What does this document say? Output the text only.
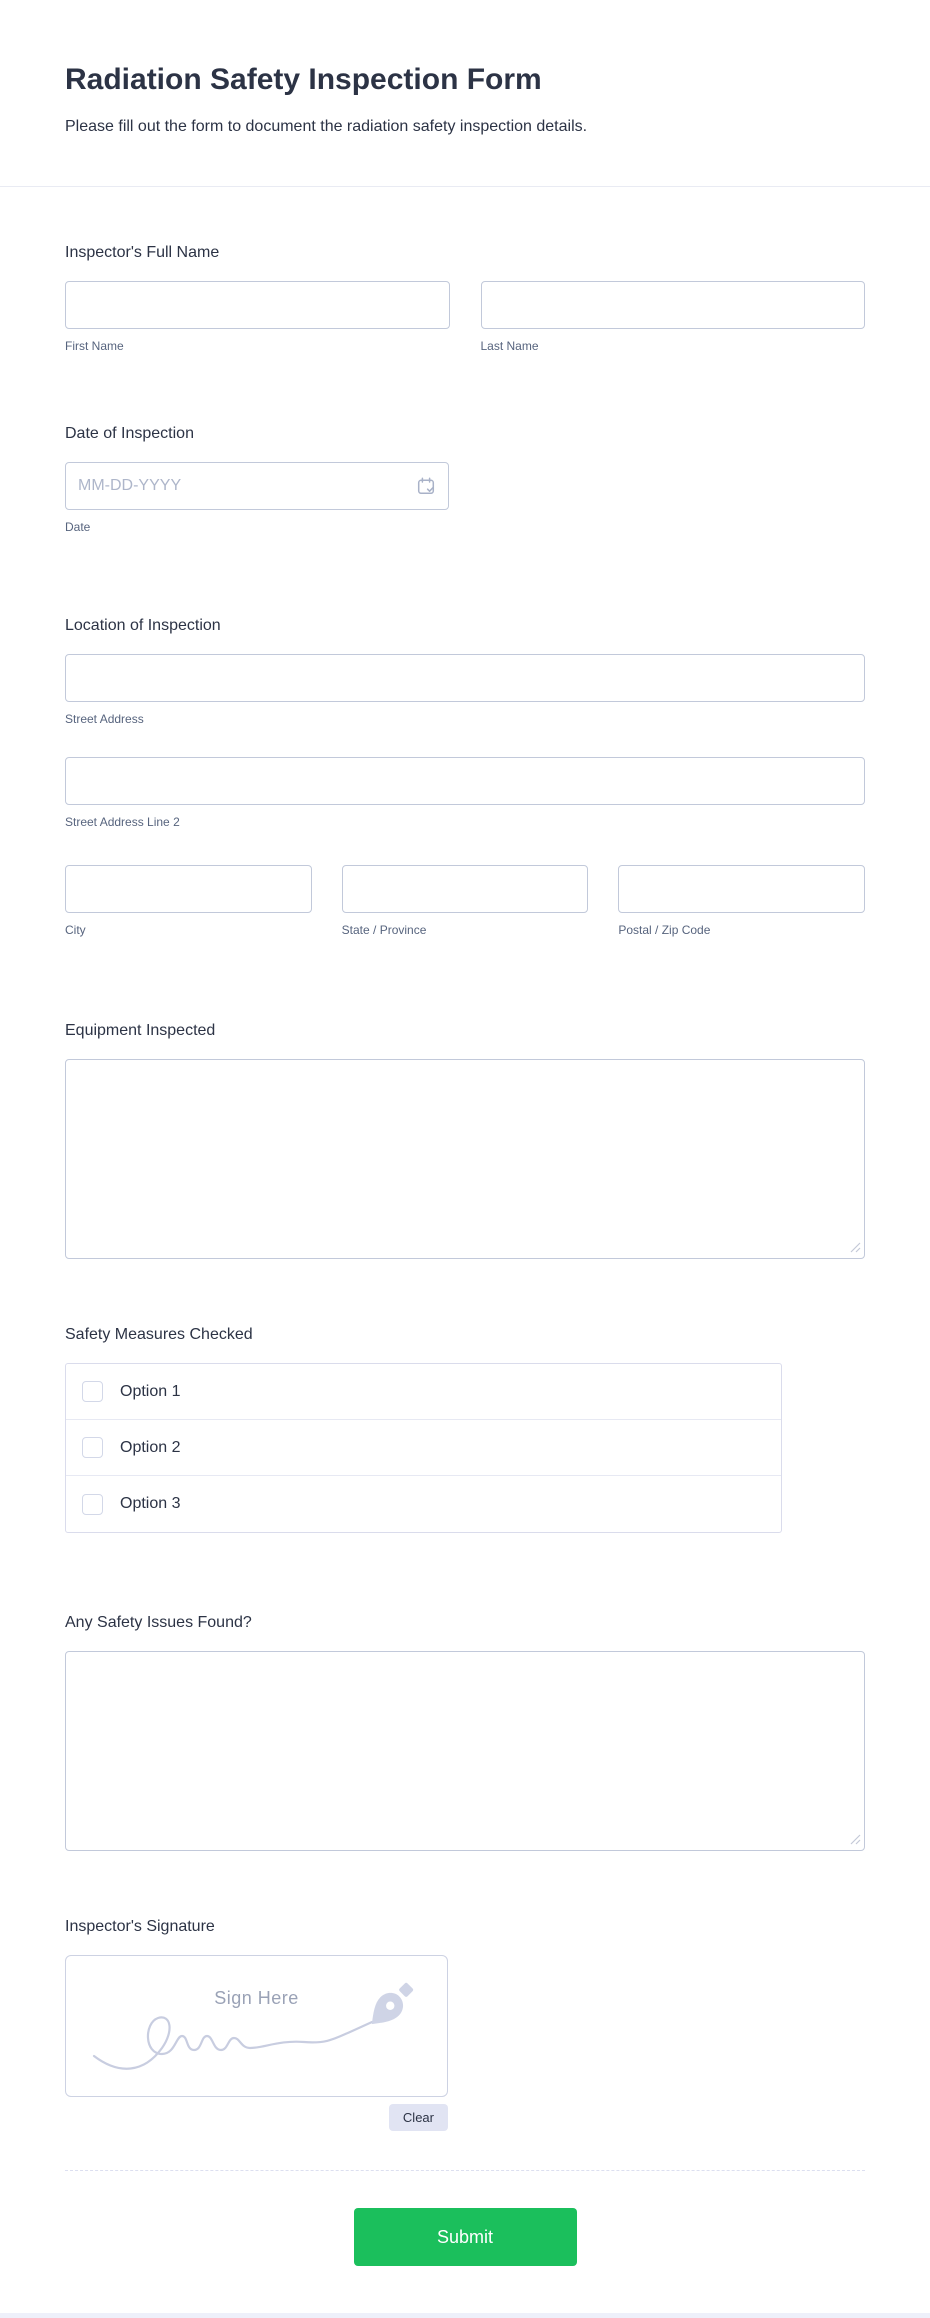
Radiation Safety Inspection Form

Please fill out the form to document the radiation safety inspection details.

Inspector's Full Name
First Name	Last Name
Date of Inspection
MM-DD-YYYY
Date
Location of Inspection
Street Address
Street Address Line 2
City	State / Province	Postal / Zip Code
Equipment Inspected
Safety Measures Checked
Option 1
Option 2
Option 3
Any Safety Issues Found?
Inspector's Signature
Sign Here
Clear
Submit
